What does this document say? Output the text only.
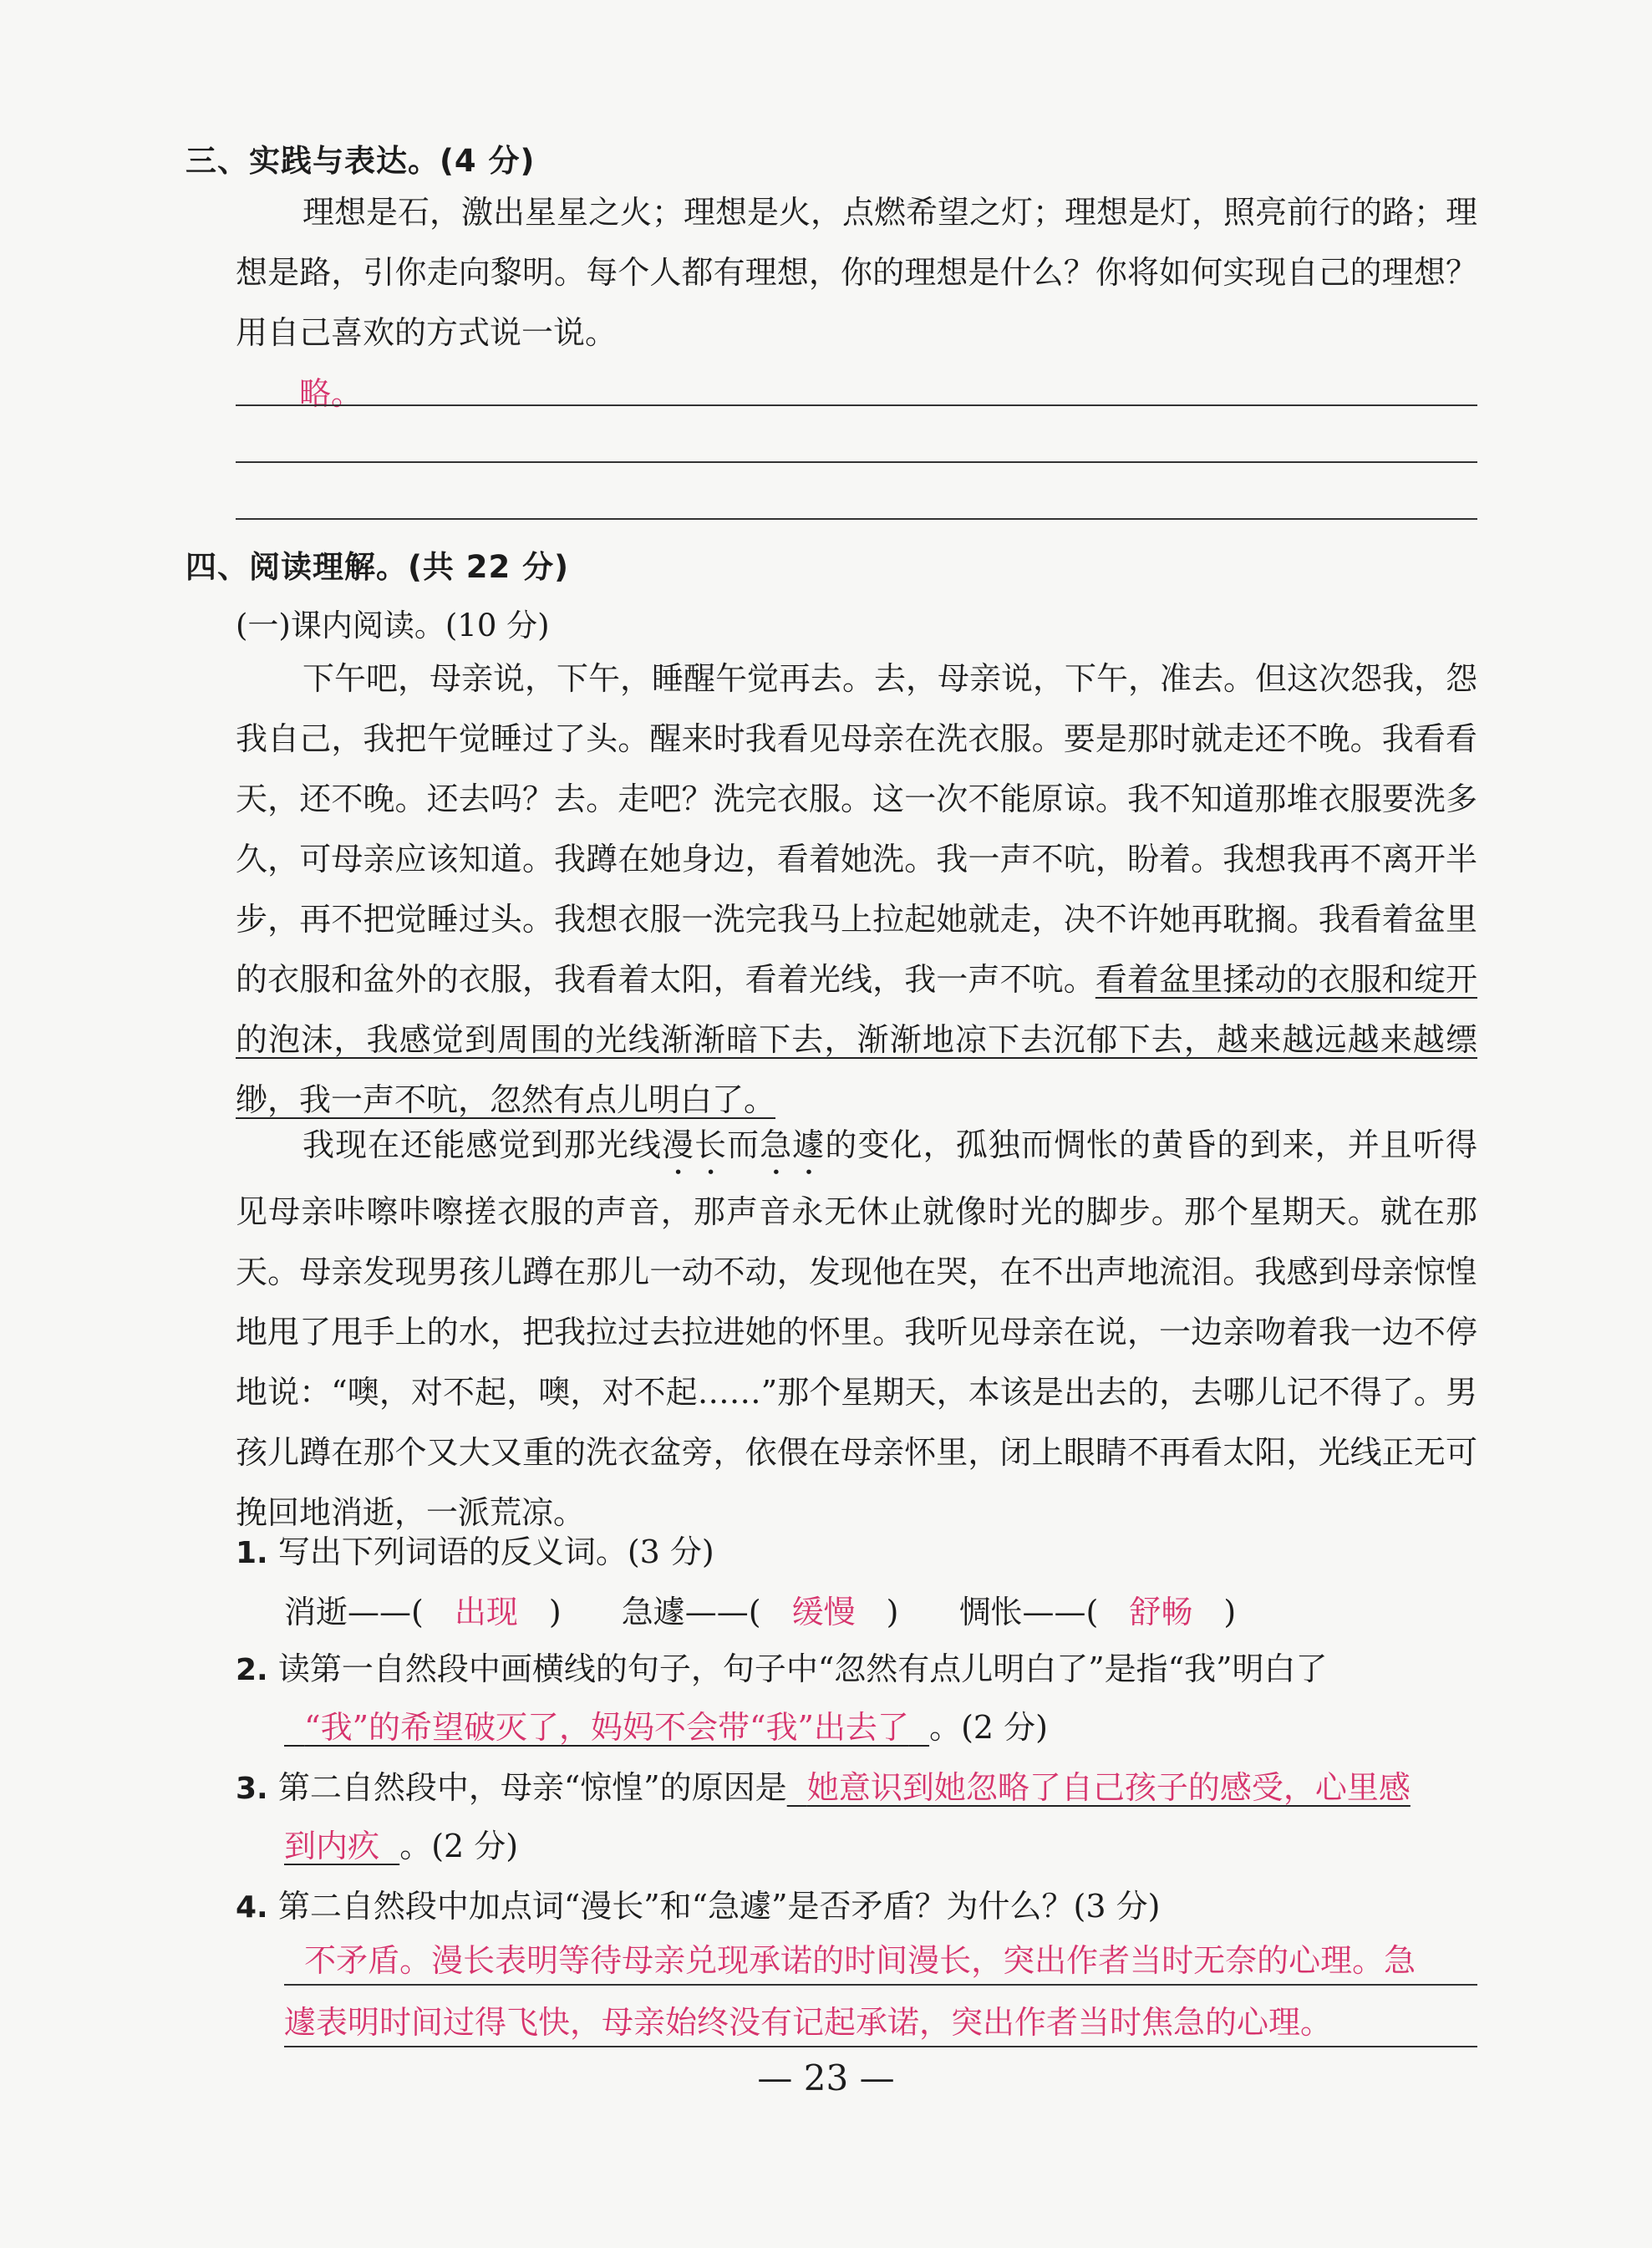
三、实践与表达。(4 分)

理想是石，激出星星之火；理想是火，点燃希望之灯；理想是灯，照亮前行的路；理想是路，引你走向黎明。每个人都有理想，你的理想是什么？你将如何实现自己的理想？用自己喜欢的方式说一说。

略。
四、阅读理解。(共 22 分)
(一)课内阅读。(10 分)

下午吧，母亲说，下午，睡醒午觉再去。去，母亲说，下午，准去。但这次怨我，怨我自己，我把午觉睡过了头。醒来时我看见母亲在洗衣服。要是那时就走还不晚。我看看天，还不晚。还去吗？去。走吧？洗完衣服。这一次不能原谅。我不知道那堆衣服要洗多久，可母亲应该知道。我蹲在她身边，看着她洗。我一声不吭，盼着。我想我再不离开半步，再不把觉睡过头。我想衣服一洗完我马上拉起她就走，决不许她再耽搁。我看着盆里的衣服和盆外的衣服，我看着太阳，看着光线，我一声不吭。看着盆里揉动的衣服和绽开的泡沫，我感觉到周围的光线渐渐暗下去，渐渐地凉下去沉郁下去，越来越远越来越缥缈，我一声不吭，忽然有点儿明白了。

我现在还能感觉到那光线漫长而急遽的变化，孤独而惆怅的黄昏的到来，并且听得见母亲咔嚓咔嚓搓衣服的声音，那声音永无休止就像时光的脚步。那个星期天。就在那天。母亲发现男孩儿蹲在那儿一动不动，发现他在哭，在不出声地流泪。我感到母亲惊惶地甩了甩手上的水，把我拉过去拉进她的怀里。我听见母亲在说，一边亲吻着我一边不停地说：“噢，对不起，噢，对不起……”那个星期天，本该是出去的，去哪儿记不得了。男孩儿蹲在那个又大又重的洗衣盆旁，依偎在母亲怀里，闭上眼睛不再看太阳，光线正无可挽回地消逝，一派荒凉。

1. 写出下列词语的反义词。(3 分)
消逝——( 出现 ) 急遽——( 缓慢 ) 惆怅——( 舒畅 )
2. 读第一自然段中画横线的句子，句子中“忽然有点儿明白了”是指“我”明白了
“我”的希望破灭了，妈妈不会带“我”出去了 。(2 分)
3. 第二自然段中，母亲“惊惶”的原因是 她意识到她忽略了自己孩子的感受，心里感
到内疚 。(2 分)
4. 第二自然段中加点词“漫长”和“急遽”是否矛盾？为什么？(3 分)
不矛盾。漫长表明等待母亲兑现承诺的时间漫长，突出作者当时无奈的心理。急
遽表明时间过得飞快，母亲始终没有记起承诺，突出作者当时焦急的心理。
— 23 —
